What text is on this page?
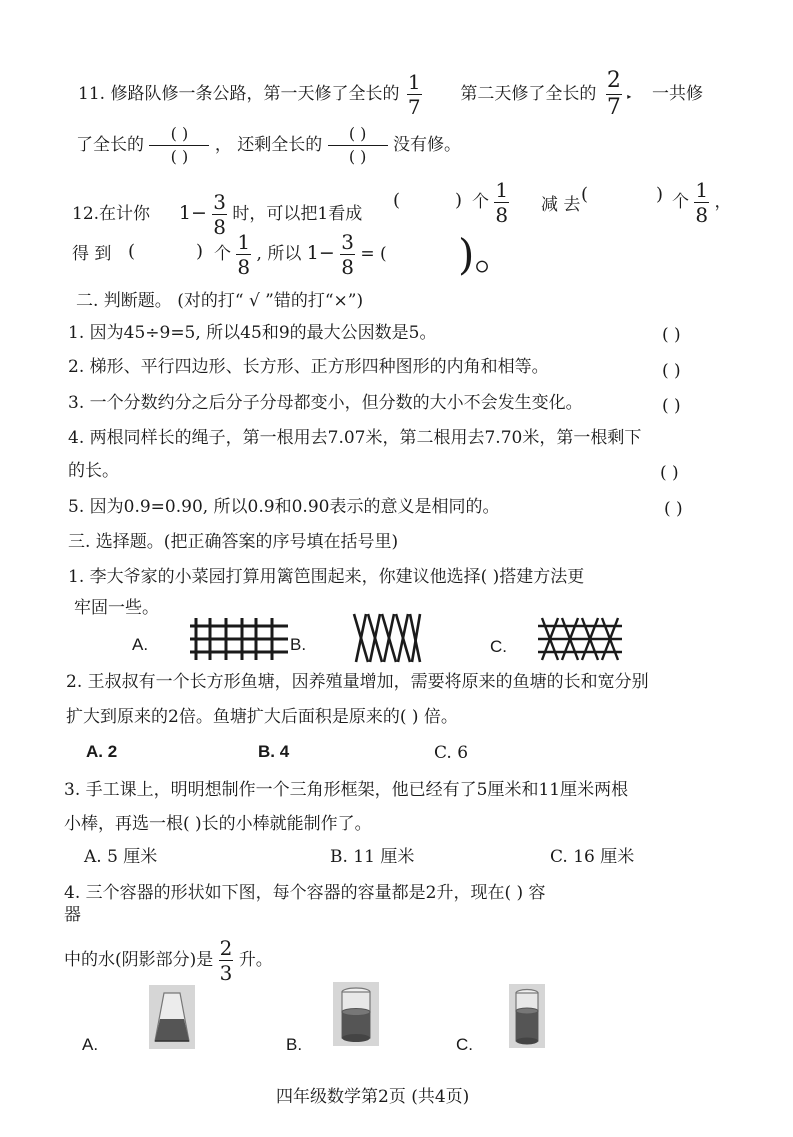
11. 修路队修一条公路，第一天修了全长的 $\frac{1}{7}$ 第二天修了全长的 $\frac{2}{7}$ ▸ 一共修
了全长的 ( )
( ) ， 还剩全长的 ( )
( ) 没有修。
12.在计你 $1- \frac{3}{8}$ 时，可以把1看成
(	) 个 $\frac{1}{8}$ 减 去 (	) 个 $\frac{1}{8}$ ，
得 到 (	) 个 $\frac{1}{8}$ , 所以 $1- \frac{3}{8}$ = ( )。
二. 判断题。 (对的打“ √ ”错的打“×”)
1. 因为45÷9=5, 所以45和9的最大公因数是5。	( )
2. 梯形、平行四边形、长方形、正方形四种图形的内角和相等。	( )
3. 一个分数约分之后分子分母都变小，但分数的大小不会发生变化。	( )
4. 两根同样长的绳子，第一根用去7.07米，第二根用去7.70米，第一根剩下
的长。	( )
5. 因为0.9=0.90, 所以0.9和0.90表示的意义是相同的。	( )
三. 选择题。(把正确答案的序号填在括号里)
1. 李大爷家的小菜园打算用篱笆围起来，你建议他选择( )搭建方法更
牢固一些。
A.	B.	C.
2. 王叔叔有一个长方形鱼塘，因养殖量增加，需要将原来的鱼塘的长和宽分别
扩大到原来的2倍。鱼塘扩大后面积是原来的( ) 倍。
A. 2	B. 4	C. 6
3. 手工课上，明明想制作一个三角形框架，他已经有了5厘米和11厘米两根
小棒，再选一根( )长的小棒就能制作了。
A. 5 厘米	B. 11 厘米	C. 16 厘米
4. 三个容器的形状如下图，每个容器的容量都是2升，现在( ) 容
器
中的水(阴影部分)是 $\frac{2}{3}$ 升。
A.	B.	C.
四年级数学第2页 (共4页)
